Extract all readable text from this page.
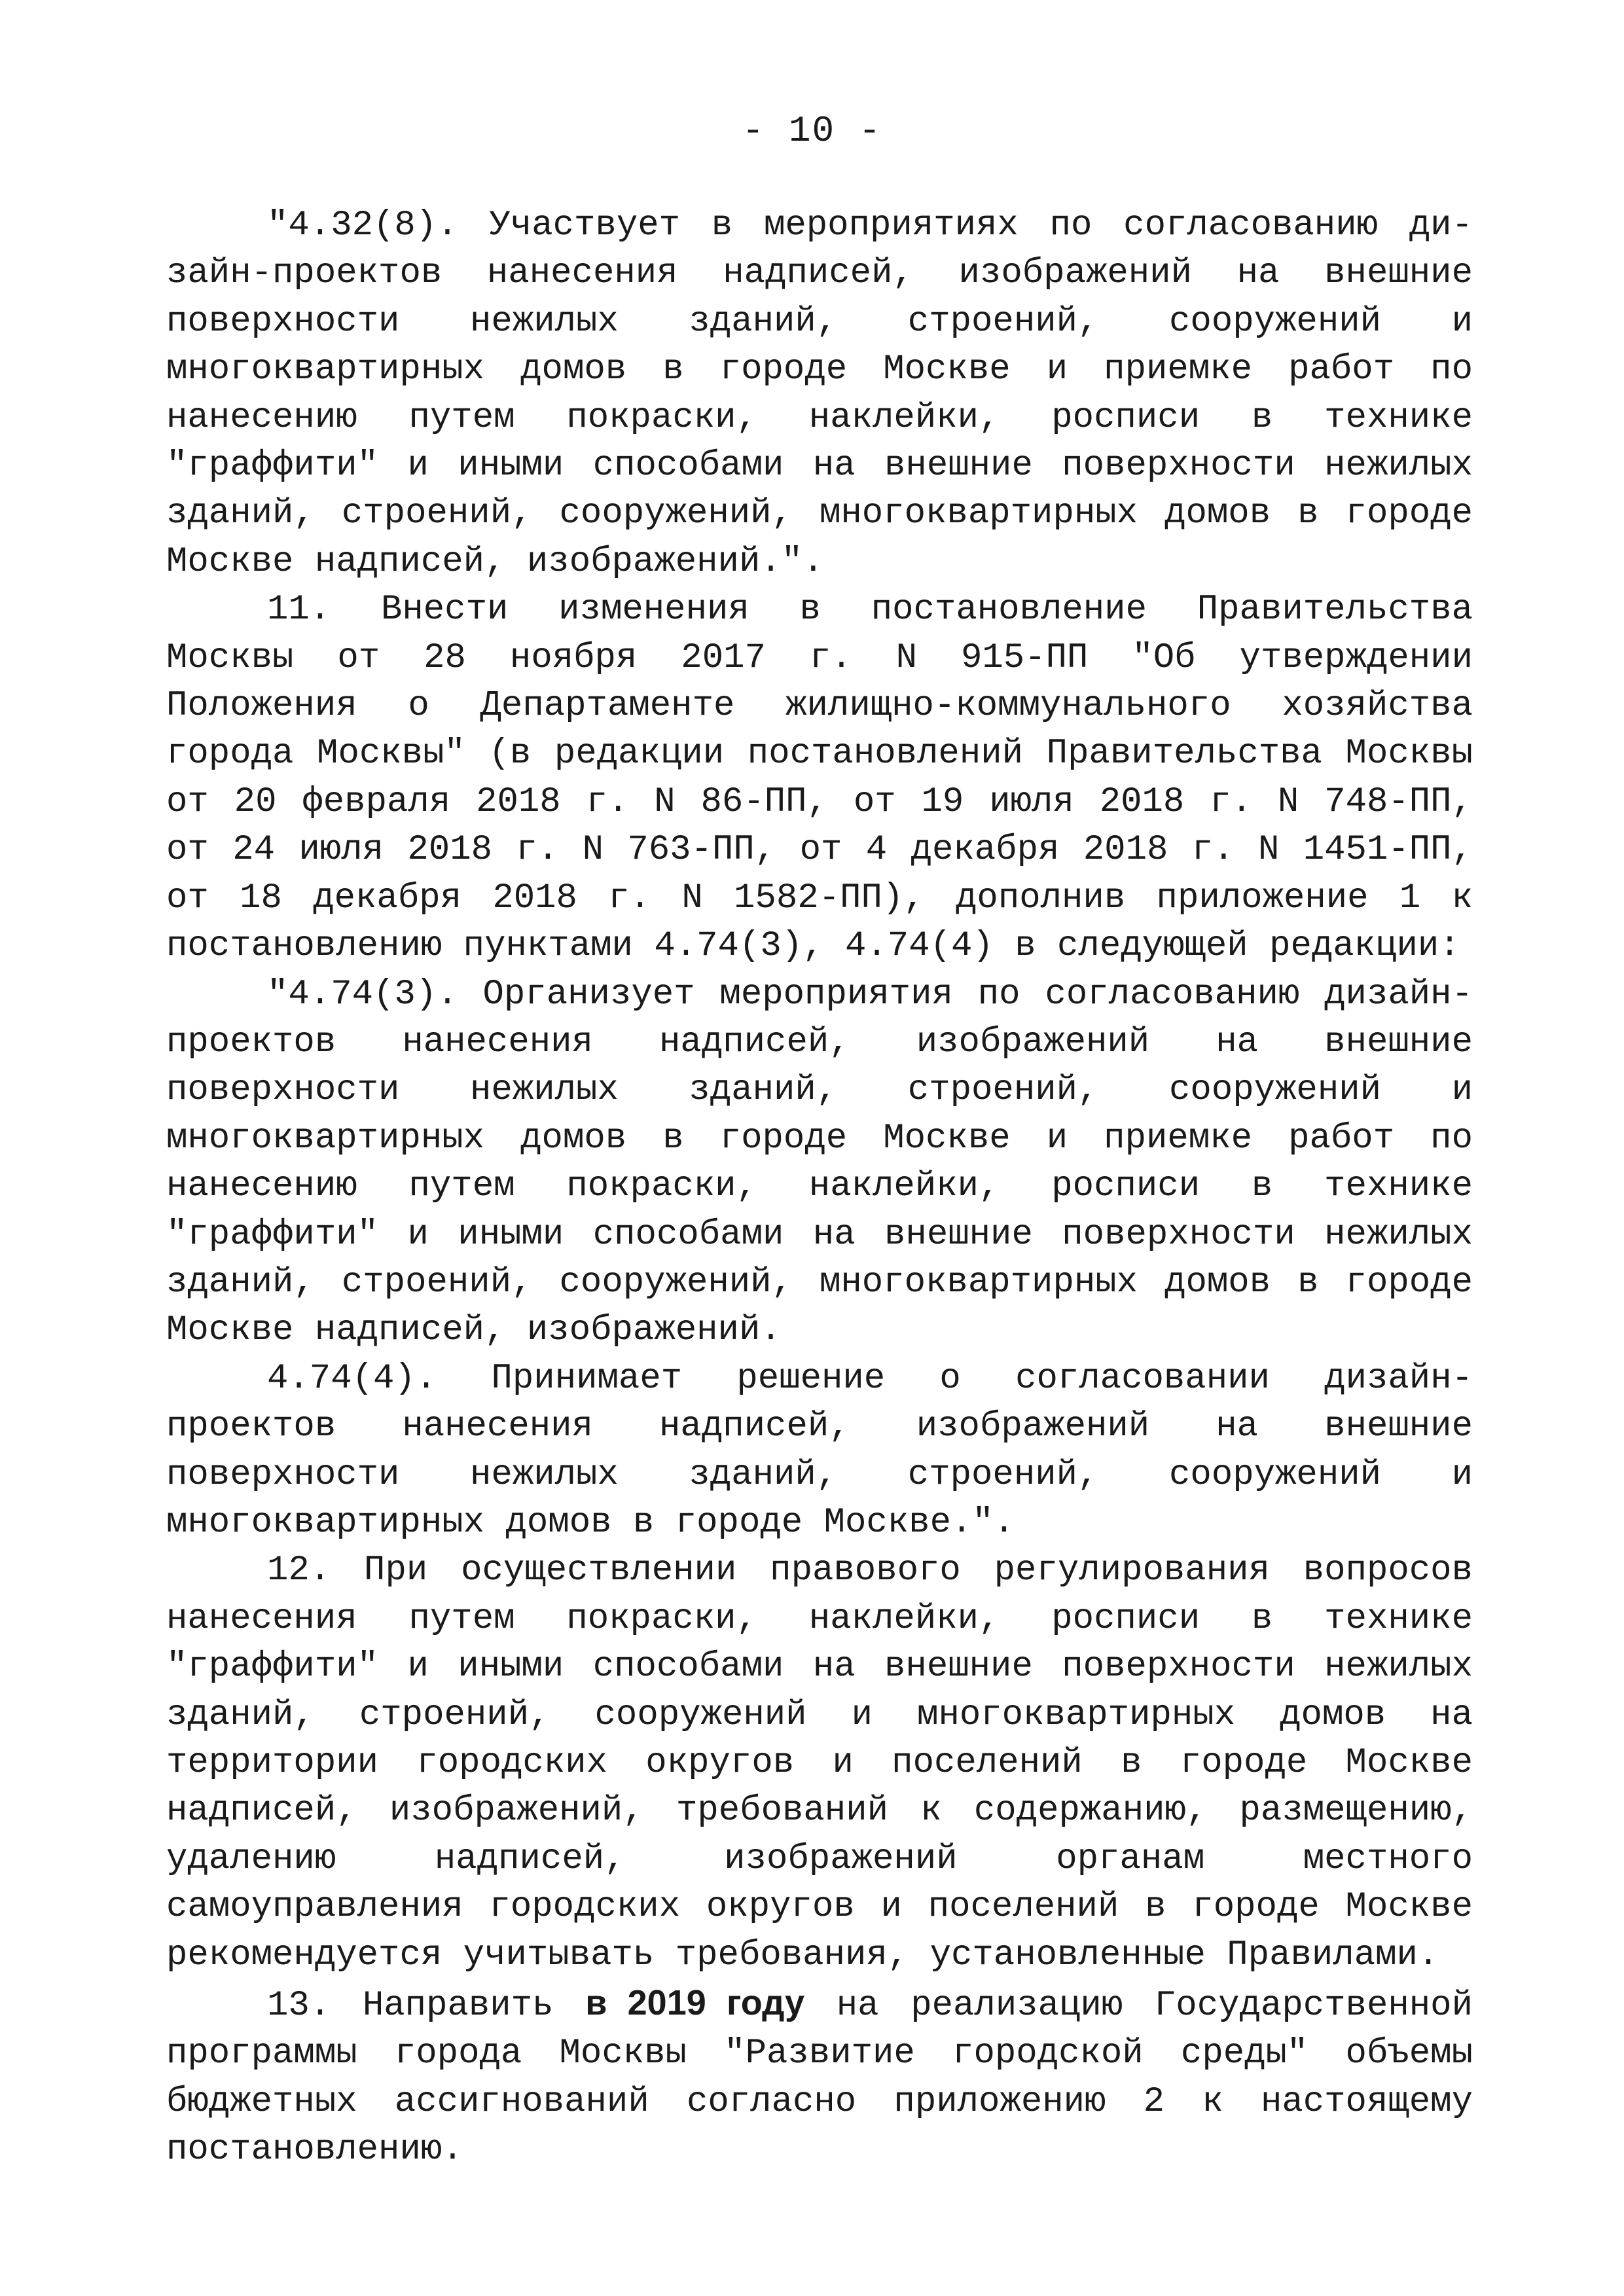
- 10 -

"4.32(8). Участвует в мероприятиях по согласованию дизайн-проектов нанесения надписей, изображений на внешние поверхности нежилых зданий, строений, сооружений и многоквартирных домов в городе Москве и приемке работ по нанесению путем покраски, наклейки, росписи в технике "граффити" и иными способами на внешние поверхности нежилых зданий, строений, сооружений, многоквартирных домов в городе Москве надписей, изображений.".

11. Внести изменения в постановление Правительства Москвы от 28 ноября 2017 г. N 915-ПП "Об утверждении Положения о Департаменте жилищно-коммунального хозяйства города Москвы" (в редакции постановлений Правительства Москвы от 20 февраля 2018 г. N 86-ПП, от 19 июля 2018 г. N 748-ПП, от 24 июля 2018 г. N 763-ПП, от 4 декабря 2018 г. N 1451-ПП, от 18 декабря 2018 г. N 1582-ПП), дополнив приложение 1 к постановлению пунктами 4.74(3), 4.74(4) в следующей редакции:

"4.74(3). Организует мероприятия по согласованию дизайн-проектов нанесения надписей, изображений на внешние поверхности нежилых зданий, строений, сооружений и многоквартирных домов в городе Москве и приемке работ по нанесению путем покраски, наклейки, росписи в технике "граффити" и иными способами на внешние поверхности нежилых зданий, строений, сооружений, многоквартирных домов в городе Москве надписей, изображений.

4.74(4). Принимает решение о согласовании дизайн-проектов нанесения надписей, изображений на внешние поверхности нежилых зданий, строений, сооружений и многоквартирных домов в городе Москве.".

12. При осуществлении правового регулирования вопросов нанесения путем покраски, наклейки, росписи в технике "граффити" и иными способами на внешние поверхности нежилых зданий, строений, сооружений и многоквартирных домов на территории городских округов и поселений в городе Москве надписей, изображений, требований к содержанию, размещению, удалению надписей, изображений органам местного самоуправления городских округов и поселений в городе Москве рекомендуется учитывать требования, установленные Правилами.

13. Направить в 2019 году на реализацию Государственной программы города Москвы "Развитие городской среды" объемы бюджетных ассигнований согласно приложению 2 к настоящему постановлению.
